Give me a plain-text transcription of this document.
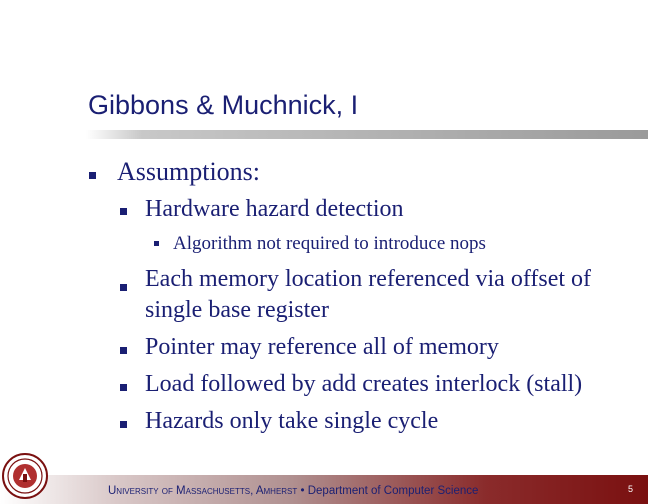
Gibbons & Muchnick, I
Assumptions:
Hardware hazard detection
Algorithm not required to introduce nops
Each memory location referenced via offset of
single base register
Pointer may reference all of memory
Load followed by add creates interlock (stall)
Hazards only take single cycle
University of Massachusetts, Amherst • Department of Computer Science	5
